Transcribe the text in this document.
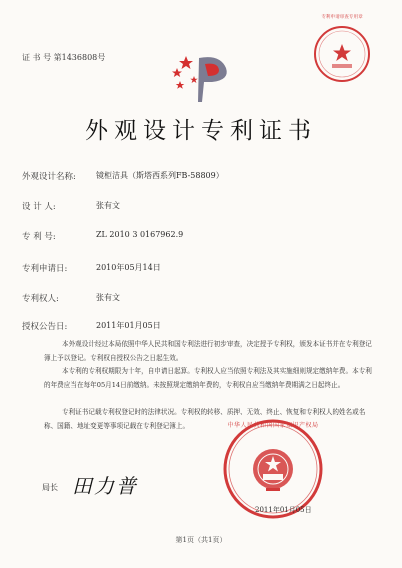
证 书 号 第1436808号
专利申请审查专用章
外观设计专利证书
外观设计名称:	镜柜洁具（斯塔西系列FB-58809）
设 计 人:	张有文
专 利 号:	ZL 2010 3 0167962.9
专利申请日:	2010年05月14日
专利权人:	张有文
授权公告日:	2011年01月05日
本外观设计经过本局依照中华人民共和国专利法进行初步审查，决定授予专利权，颁发本证书并在专利登记簿上予以登记。专利权自授权公告之日起生效。
本专利的专利权期限为十年，自申请日起算。专利权人应当依照专利法及其实施细则规定缴纳年费。本专利的年费应当在每年05月14日前缴纳。未按照规定缴纳年费的，专利权自应当缴纳年费期满之日起终止。
专利证书记载专利权登记时的法律状况。专利权的转移、质押、无效、终止、恢复和专利权人的姓名或名称、国籍、地址变更等事项记载在专利登记簿上。
局长 田力普
中华人民共和国国家知识产权局
2011年01月05日
第1页（共1页）
